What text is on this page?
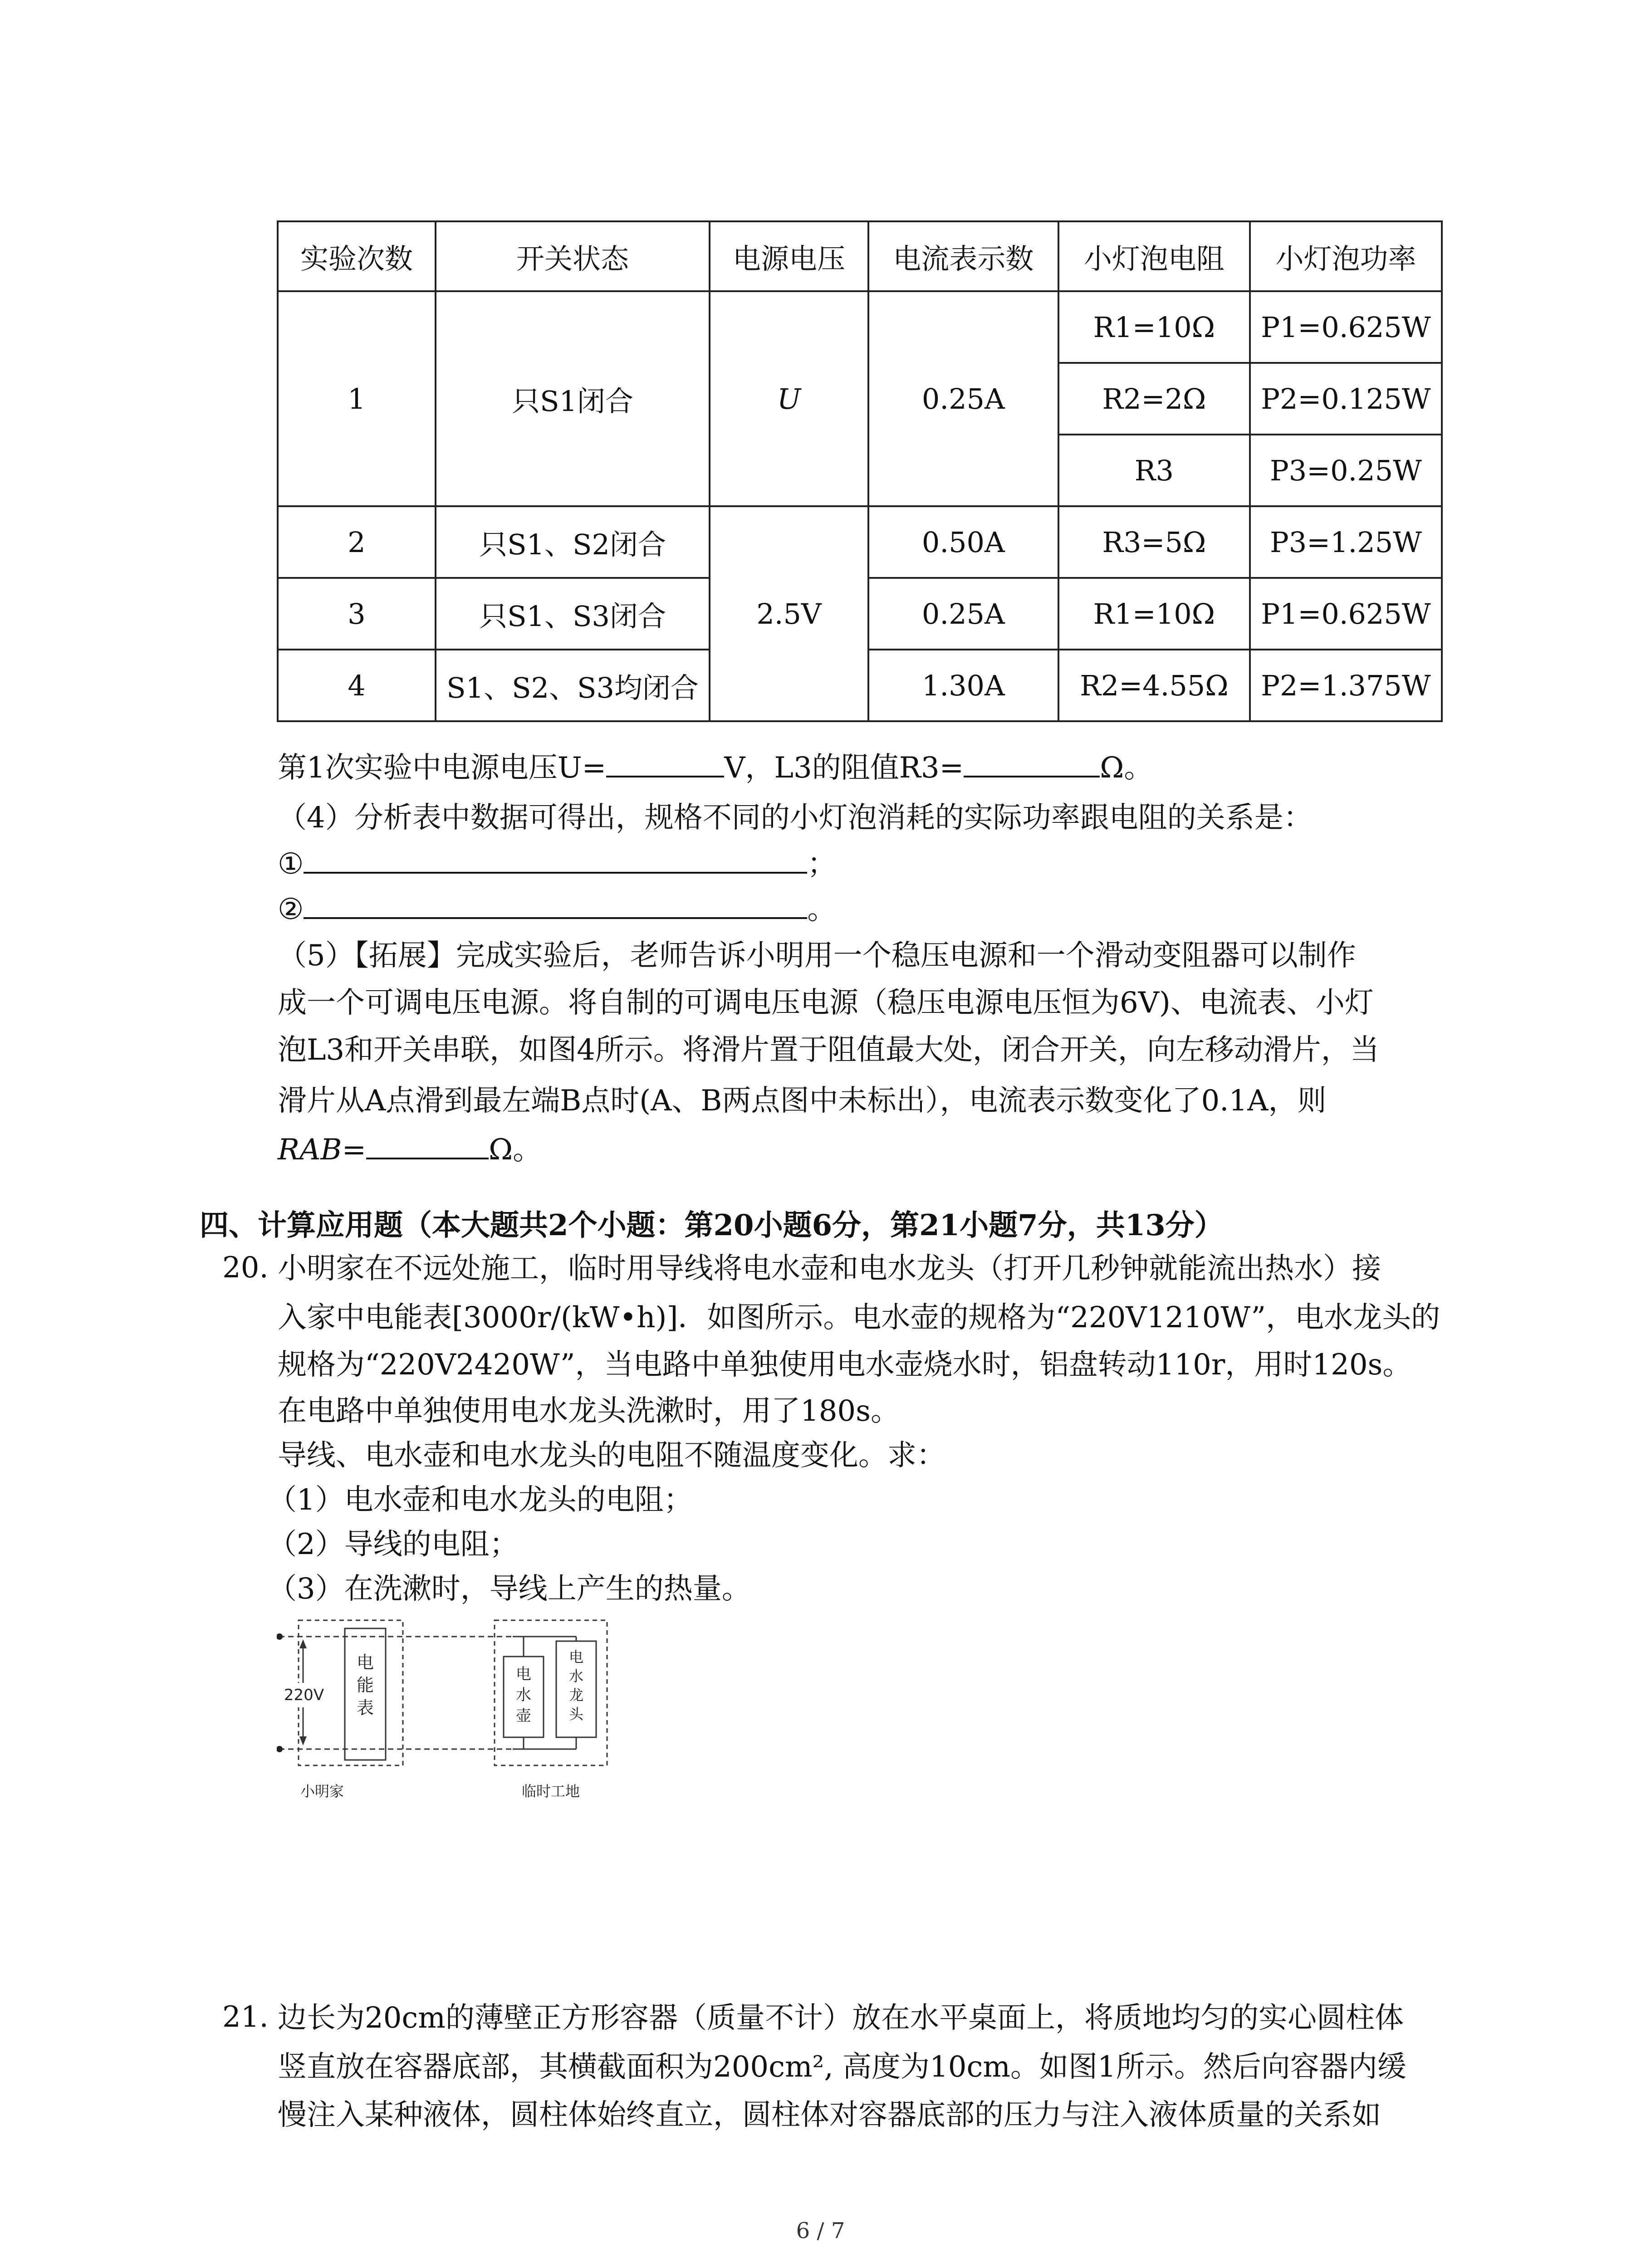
实验次数	开关状态	电源电压	电流表示数	小灯泡电阻	小灯泡功率
1	只S1闭合	U	0.25A	R1=10Ω	P1=0.625W
				R2=2Ω	P2=0.125W
				R3	P3=0.25W
2	只S1、S2闭合	2.5V	0.50A	R3=5Ω	P3=1.25W
3	只S1、S3闭合		0.25A	R1=10Ω	P1=0.625W
4	S1、S2、S3均闭合		1.30A	R2=4.55Ω	P2=1.375W
第1次实验中电源电压U=	V，L3的阻值R3=	Ω。
（4）分析表中数据可得出，规格不同的小灯泡消耗的实际功率跟电阻的关系是：
①	；
②	。
（5）【拓展】完成实验后，老师告诉小明用一个稳压电源和一个滑动变阻器可以制作
成一个可调电压电源。将自制的可调电压电源（稳压电源电压恒为6V)、电流表、小灯
泡L3和开关串联，如图4所示。将滑片置于阻值最大处，闭合开关，向左移动滑片，当
滑片从A点滑到最左端B点时(A、B两点图中未标出），电流表示数变化了0.1A，则
RAB=	Ω。
四、计算应用题（本大题共2个小题：第20小题6分，第21小题7分，共13分）
20. 小明家在不远处施工，临时用导线将电水壶和电水龙头（打开几秒钟就能流出热水）接
入家中电能表[3000r/(kW•h)]．如图所示。电水壶的规格为“220V1210W”，电水龙头的
规格为“220V2420W”，当电路中单独使用电水壶烧水时，铝盘转动110r，用时120s。
在电路中单独使用电水龙头洗漱时，用了180s。
导线、电水壶和电水龙头的电阻不随温度变化。求：
（1）电水壶和电水龙头的电阻；
（2）导线的电阻；
（3）在洗漱时，导线上产生的热量。
220V
电
能
表
电
水
壶
电
水
龙
头
小明家	临时工地
21. 边长为20cm的薄壁正方形容器（质量不计）放在水平桌面上，将质地均匀的实心圆柱体
竖直放在容器底部，其横截面积为200cm², 高度为10cm。如图1所示。然后向容器内缓
慢注入某种液体，圆柱体始终直立，圆柱体对容器底部的压力与注入液体质量的关系如
6 / 7
